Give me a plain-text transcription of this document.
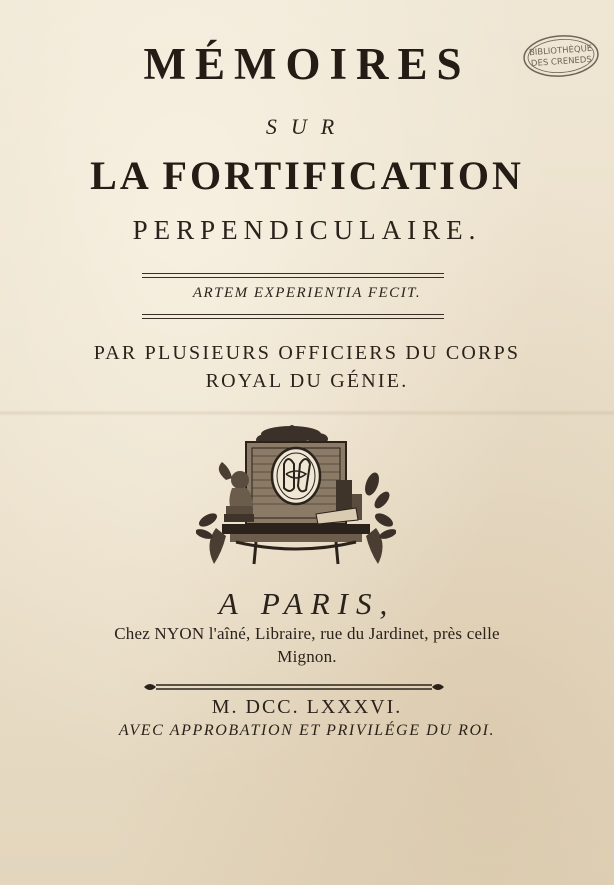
BIBLIOTHÈQUE
DES CRENEDS
MÉMOIRES
SUR
LA FORTIFICATION
PERPENDICULAIRE.
ARTEM EXPERIENTIA FECIT.
PAR PLUSIEURS OFFICIERS DU CORPS
ROYAL DU GÉNIE.
A PARIS,
Chez NYON l'aîné, Libraire, rue du Jardinet, près celle
Mignon.
M. DCC. LXXXVI.
AVEC APPROBATION ET PRIVILÉGE DU ROI.
